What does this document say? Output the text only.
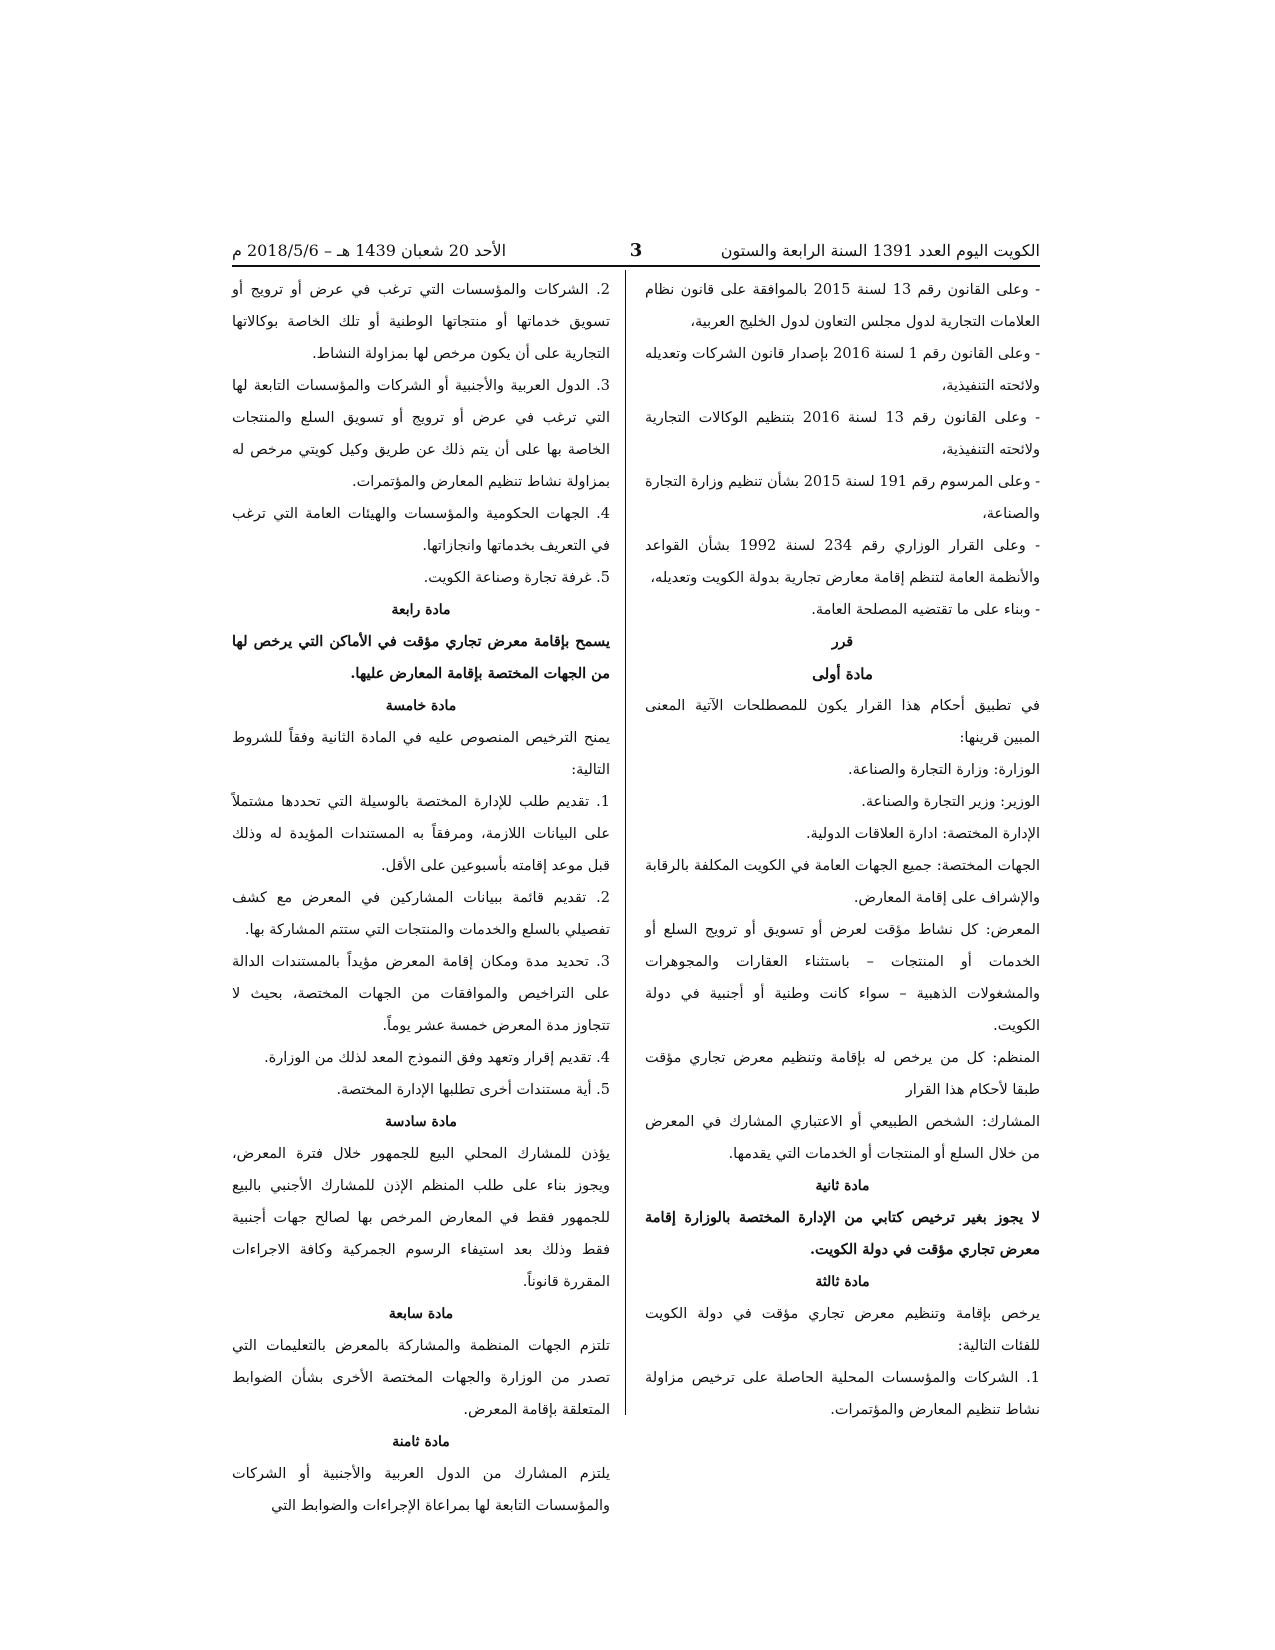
الكويت اليوم العدد 1391 السنة الرابعة والستون
3
الأحد 20 شعبان 1439 هـ – 2018/5/6 م

- وعلى القانون رقم 13 لسنة 2015 بالموافقة على قانون نظام العلامات التجارية لدول مجلس التعاون لدول الخليج العربية،

- وعلى القانون رقم 1 لسنة 2016 بإصدار قانون الشركات وتعديله ولائحته التنفيذية،

- وعلى القانون رقم 13 لسنة 2016 بتنظيم الوكالات التجارية ولائحته التنفيذية،

- وعلى المرسوم رقم 191 لسنة 2015 بشأن تنظيم وزارة التجارة والصناعة،

- وعلى القرار الوزاري رقم 234 لسنة 1992 بشأن القواعد والأنظمة العامة لتنظم إقامة معارض تجارية بدولة الكويت وتعديله،

- وبناء على ما تقتضيه المصلحة العامة.

قرر
مادة أولى

في تطبيق أحكام هذا القرار يكون للمصطلحات الآتية المعنى المبين قرينها:

الوزارة: وزارة التجارة والصناعة.

الوزير: وزير التجارة والصناعة.

الإدارة المختصة: ادارة العلاقات الدولية.

الجهات المختصة: جميع الجهات العامة في الكويت المكلفة بالرقابة والإشراف على إقامة المعارض.

المعرض: كل نشاط مؤقت لعرض أو تسويق أو ترويج السلع أو الخدمات أو المنتجات – باستثناء العقارات والمجوهرات والمشغولات الذهبية – سواء كانت وطنية أو أجنبية في دولة الكويت.

المنظم: كل من يرخص له بإقامة وتنظيم معرض تجاري مؤقت طبقا لأحكام هذا القرار

المشارك: الشخص الطبيعي أو الاعتباري المشارك في المعرض من خلال السلع أو المنتجات أو الخدمات التي يقدمها.

مادة ثانية

لا يجوز بغير ترخيص كتابي من الإدارة المختصة بالوزارة إقامة معرض تجاري مؤقت في دولة الكويت.

مادة ثالثة

يرخص بإقامة وتنظيم معرض تجاري مؤقت في دولة الكويت للفئات التالية:

1. الشركات والمؤسسات المحلية الحاصلة على ترخيص مزاولة نشاط تنظيم المعارض والمؤتمرات.

2. الشركات والمؤسسات التي ترغب في عرض أو ترويج أو تسويق خدماتها أو منتجاتها الوطنية أو تلك الخاصة بوكالاتها التجارية على أن يكون مرخص لها بمزاولة النشاط.

3. الدول العربية والأجنبية أو الشركات والمؤسسات التابعة لها التي ترغب في عرض أو ترويج أو تسويق السلع والمنتجات الخاصة بها على أن يتم ذلك عن طريق وكيل كويتي مرخص له بمزاولة نشاط تنظيم المعارض والمؤتمرات.

4. الجهات الحكومية والمؤسسات والهيئات العامة التي ترغب في التعريف بخدماتها وانجازاتها.

5. غرفة تجارة وصناعة الكويت.

مادة رابعة

يسمح بإقامة معرض تجاري مؤقت في الأماكن التي يرخص لها من الجهات المختصة بإقامة المعارض عليها.

مادة خامسة

يمنح الترخيص المنصوص عليه في المادة الثانية وفقاً للشروط التالية:

1. تقديم طلب للإدارة المختصة بالوسيلة التي تحددها مشتملاً على البيانات اللازمة، ومرفقاً به المستندات المؤيدة له وذلك قبل موعد إقامته بأسبوعين على الأقل.

2. تقديم قائمة ببيانات المشاركين في المعرض مع كشف تفصيلي بالسلع والخدمات والمنتجات التي ستتم المشاركة بها.

3. تحديد مدة ومكان إقامة المعرض مؤيداً بالمستندات الدالة على التراخيص والموافقات من الجهات المختصة، بحيث لا تتجاوز مدة المعرض خمسة عشر يوماً.

4. تقديم إقرار وتعهد وفق النموذج المعد لذلك من الوزارة.

5. أية مستندات أخرى تطلبها الإدارة المختصة.

مادة سادسة

يؤذن للمشارك المحلي البيع للجمهور خلال فترة المعرض، ويجوز بناء على طلب المنظم الإذن للمشارك الأجنبي بالبيع للجمهور فقط في المعارض المرخص بها لصالح جهات أجنبية فقط وذلك بعد استيفاء الرسوم الجمركية وكافة الاجراءات المقررة قانوناً.

مادة سابعة

تلتزم الجهات المنظمة والمشاركة بالمعرض بالتعليمات التي تصدر من الوزارة والجهات المختصة الأخرى بشأن الضوابط المتعلقة بإقامة المعرض.

مادة ثامنة

يلتزم المشارك من الدول العربية والأجنبية أو الشركات والمؤسسات التابعة لها بمراعاة الإجراءات والضوابط التي
